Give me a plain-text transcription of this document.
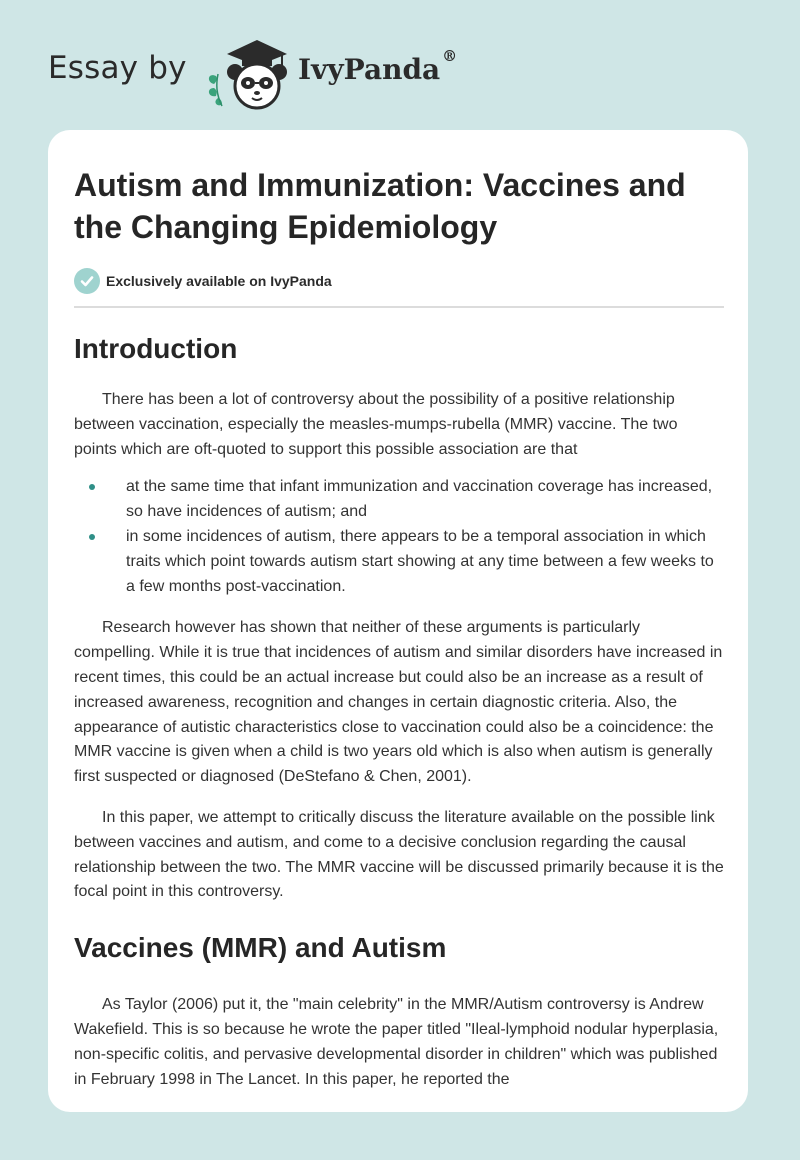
Essay by	IvyPanda ®
Autism and Immunization: Vaccines and the Changing Epidemiology
Exclusively available on IvyPanda
Introduction

There has been a lot of controversy about the possibility of a positive relationship between vaccination, especially the measles-mumps-rubella (MMR) vaccine. The two points which are oft-quoted to support this possible association are that

at the same time that infant immunization and vaccination coverage has increased, so have incidences of autism; and
in some incidences of autism, there appears to be a temporal association in which traits which point towards autism start showing at any time between a few weeks to a few months post-vaccination.

Research however has shown that neither of these arguments is particularly compelling. While it is true that incidences of autism and similar disorders have increased in recent times, this could be an actual increase but could also be an increase as a result of increased awareness, recognition and changes in certain diagnostic criteria. Also, the appearance of autistic characteristics close to vaccination could also be a coincidence: the MMR vaccine is given when a child is two years old which is also when autism is generally first suspected or diagnosed (DeStefano & Chen, 2001).

In this paper, we attempt to critically discuss the literature available on the possible link between vaccines and autism, and come to a decisive conclusion regarding the causal relationship between the two. The MMR vaccine will be discussed primarily because it is the focal point in this controversy.

Vaccines (MMR) and Autism

As Taylor (2006) put it, the "main celebrity" in the MMR/Autism controversy is Andrew Wakefield. This is so because he wrote the paper titled "Ileal-lymphoid nodular hyperplasia, non-specific colitis, and pervasive developmental disorder in children" which was published in February 1998 in The Lancet. In this paper, he reported the
